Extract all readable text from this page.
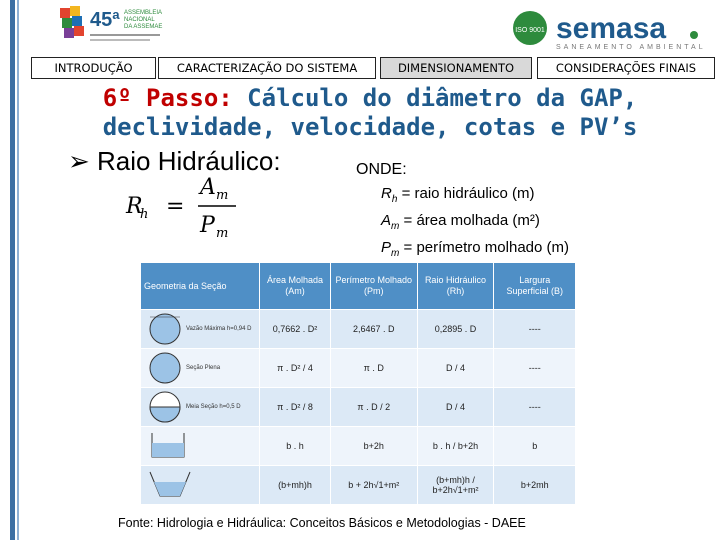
45ª ASSEMBLEIA
NACIONAL
DA ASSEMAE	ISO 9001 semasa
SANEAMENTO AMBIENTAL
INTRODUÇÃO	CARACTERIZAÇÃO DO SISTEMA	DIMENSIONAMENTO	CONSIDERAÇÕES FINAIS
6º Passo: Cálculo do diâmetro da GAP,
declividade, velocidade, cotas e PV’s
➢ Raio Hidráulico:
R
h =
A m
P m
ONDE:
$R_h$ = raio hidráulico (m)
$A_m$ = área molhada (m²)
$P_m$ = perímetro molhado (m)
Geometria da Seção	Área Molhada (Am)	Perímetro Molhado (Pm)	Raio Hidráulico (Rh)	Largura Superficial (B)

Vazão Máxima h=0,94 D	0,7662 . D²	2,6467 . D	0,2895 . D	----

Seção Plena	π . D² / 4	π . D	D / 4	----

Meia Seção h=0,5 D	π . D² / 8	π . D / 2	D / 4	----

	b . h	b+2h	b . h / b+2h	b

	(b+mh)h	b + 2h√1+m²	(b+mh)h / b+2h√1+m²	b+2mh
Fonte: Hidrologia e Hidráulica: Conceitos Básicos e Metodologias - DAEE
